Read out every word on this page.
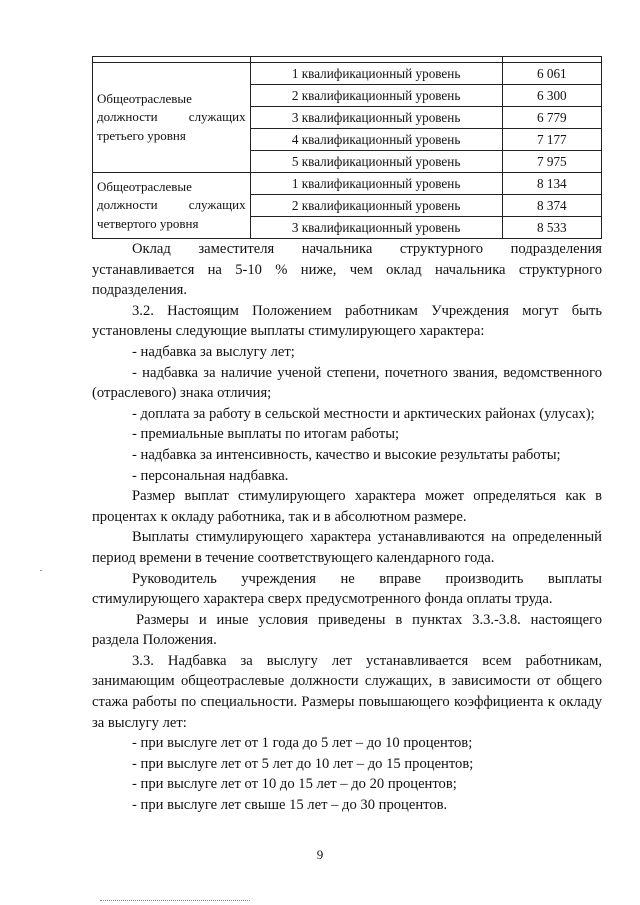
Общеотраслевые должности служащих третьего уровня	1 квалификационный уровень	6 061
	2 квалификационный уровень	6 300
	3 квалификационный уровень	6 779
	4 квалификационный уровень	7 177
	5 квалификационный уровень	7 975
Общеотраслевые должности служащих четвертого уровня	1 квалификационный уровень	8 134
	2 квалификационный уровень	8 374
	3 квалификационный уровень	8 533

Оклад заместителя начальника структурного подразделения устанавливается на 5-10 % ниже, чем оклад начальника структурного подразделения.

3.2. Настоящим Положением работникам Учреждения могут быть установлены следующие выплаты стимулирующего характера:

- надбавка за выслугу лет;

- надбавка за наличие ученой степени, почетного звания, ведомственного (отраслевого) знака отличия;

- доплата за работу в сельской местности и арктических районах (улусах);

- премиальные выплаты по итогам работы;

- надбавка за интенсивность, качество и высокие результаты работы;

- персональная надбавка.

Размер выплат стимулирующего характера может определяться как в процентах к окладу работника, так и в абсолютном размере.

Выплаты стимулирующего характера устанавливаются на определенный период времени в течение соответствующего календарного года.

Руководитель учреждения не вправе производить выплаты стимулирующего характера сверх предусмотренного фонда оплаты труда.

Размеры и иные условия приведены в пунктах 3.3.-3.8. настоящего раздела Положения.

3.3. Надбавка за выслугу лет устанавливается всем работникам, занимающим общеотраслевые должности служащих, в зависимости от общего стажа работы по специальности. Размеры повышающего коэффициента к окладу за выслугу лет:

- при выслуге лет от 1 года до 5 лет – до 10 процентов;

- при выслуге лет от 5 лет до 10 лет – до 15 процентов;

- при выслуге лет от 10 до 15 лет – до 20 процентов;

- при выслуге лет свыше 15 лет – до 30 процентов.

9
